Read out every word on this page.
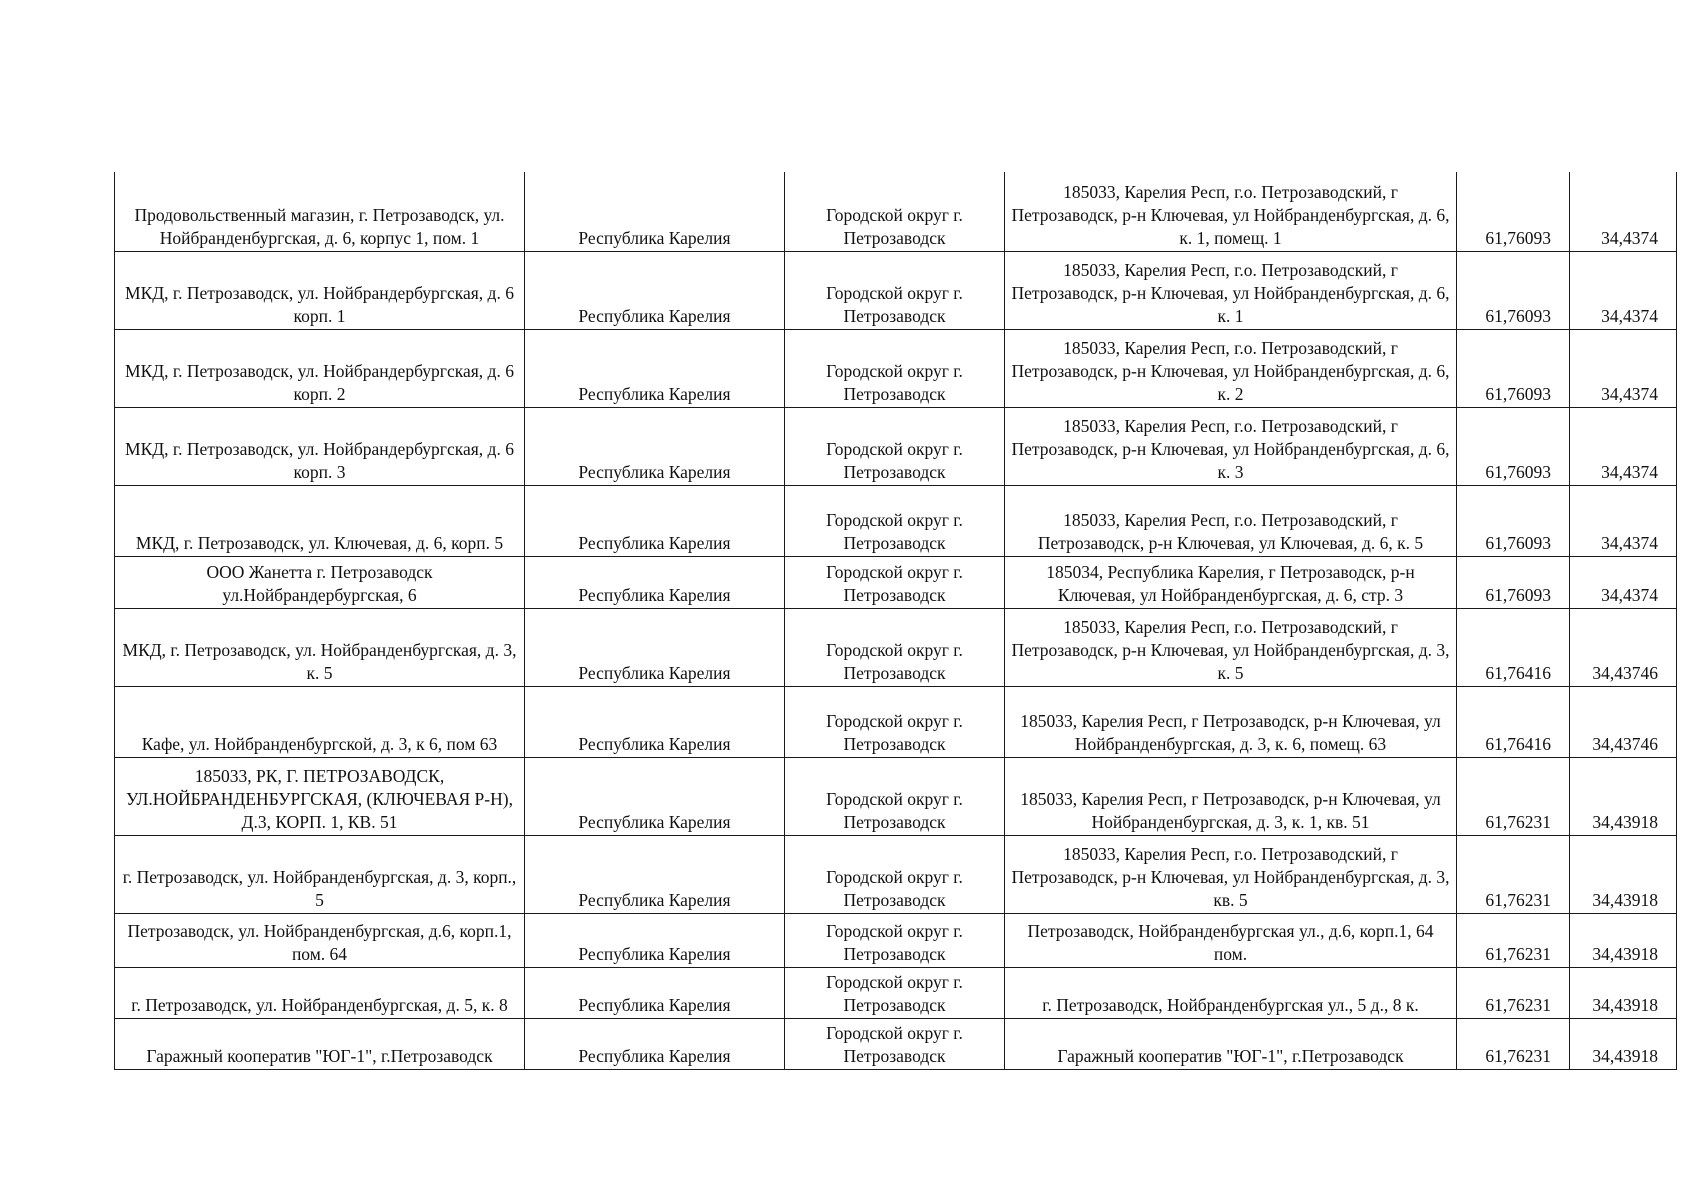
Продовольственный магазин, г. Петрозаводск, ул. Нойбранденбургская, д. 6, корпус 1, пом. 1	Республика Карелия	Городской округ г. Петрозаводск	185033, Карелия Респ, г.о. Петрозаводский, г Петрозаводск, р-н Ключевая, ул Нойбранденбургская, д. 6, к. 1, помещ. 1	61,76093	34,4374

МКД, г. Петрозаводск, ул. Нойбрандербургская, д. 6 корп. 1	Республика Карелия	Городской округ г. Петрозаводск	185033, Карелия Респ, г.о. Петрозаводский, г Петрозаводск, р-н Ключевая, ул Нойбранденбургская, д. 6, к. 1	61,76093	34,4374

МКД, г. Петрозаводск, ул. Нойбрандербургская, д. 6 корп. 2	Республика Карелия	Городской округ г. Петрозаводск	185033, Карелия Респ, г.о. Петрозаводский, г Петрозаводск, р-н Ключевая, ул Нойбранденбургская, д. 6, к. 2	61,76093	34,4374

МКД, г. Петрозаводск, ул. Нойбрандербургская, д. 6 корп. 3	Республика Карелия	Городской округ г. Петрозаводск	185033, Карелия Респ, г.о. Петрозаводский, г Петрозаводск, р-н Ключевая, ул Нойбранденбургская, д. 6, к. 3	61,76093	34,4374

МКД, г. Петрозаводск, ул. Ключевая, д. 6, корп. 5	Республика Карелия	Городской округ г. Петрозаводск	185033, Карелия Респ, г.о. Петрозаводский, г Петрозаводск, р-н Ключевая, ул Ключевая, д. 6, к. 5	61,76093	34,4374

ООО Жанетта г. Петрозаводск ул.Нойбрандербургская, 6	Республика Карелия	Городской округ г. Петрозаводск	185034, Республика Карелия, г Петрозаводск, р-н Ключевая, ул Нойбранденбургская, д. 6, стр. 3	61,76093	34,4374

МКД, г. Петрозаводск, ул. Нойбранденбургская, д. 3, к. 5	Республика Карелия	Городской округ г. Петрозаводск	185033, Карелия Респ, г.о. Петрозаводский, г Петрозаводск, р-н Ключевая, ул Нойбранденбургская, д. 3, к. 5	61,76416	34,43746

Кафе, ул. Нойбранденбургской, д. 3, к 6, пом 63	Республика Карелия	Городской округ г. Петрозаводск	185033, Карелия Респ, г Петрозаводск, р-н Ключевая, ул Нойбранденбургская, д. 3, к. 6, помещ. 63	61,76416	34,43746

185033, РК, Г. ПЕТРОЗАВОДСК, УЛ.НОЙБРАНДЕНБУРГСКАЯ, (КЛЮЧЕВАЯ Р-Н), Д.3, КОРП. 1, КВ. 51	Республика Карелия	Городской округ г. Петрозаводск	185033, Карелия Респ, г Петрозаводск, р-н Ключевая, ул Нойбранденбургская, д. 3, к. 1, кв. 51	61,76231	34,43918

г. Петрозаводск, ул. Нойбранденбургская, д. 3, корп., 5	Республика Карелия	Городской округ г. Петрозаводск	185033, Карелия Респ, г.о. Петрозаводский, г Петрозаводск, р-н Ключевая, ул Нойбранденбургская, д. 3, кв. 5	61,76231	34,43918

Петрозаводск, ул. Нойбранденбургская, д.6, корп.1, пом. 64	Республика Карелия	Городской округ г. Петрозаводск	Петрозаводск, Нойбранденбургская ул., д.6, корп.1, 64 пом.	61,76231	34,43918

г. Петрозаводск, ул. Нойбранденбургская, д. 5, к. 8	Республика Карелия	Городской округ г. Петрозаводск	г. Петрозаводск, Нойбранденбургская ул., 5 д., 8 к.	61,76231	34,43918

Гаражный кооператив "ЮГ-1", г.Петрозаводск	Республика Карелия	Городской округ г. Петрозаводск	Гаражный кооператив "ЮГ-1", г.Петрозаводск	61,76231	34,43918
